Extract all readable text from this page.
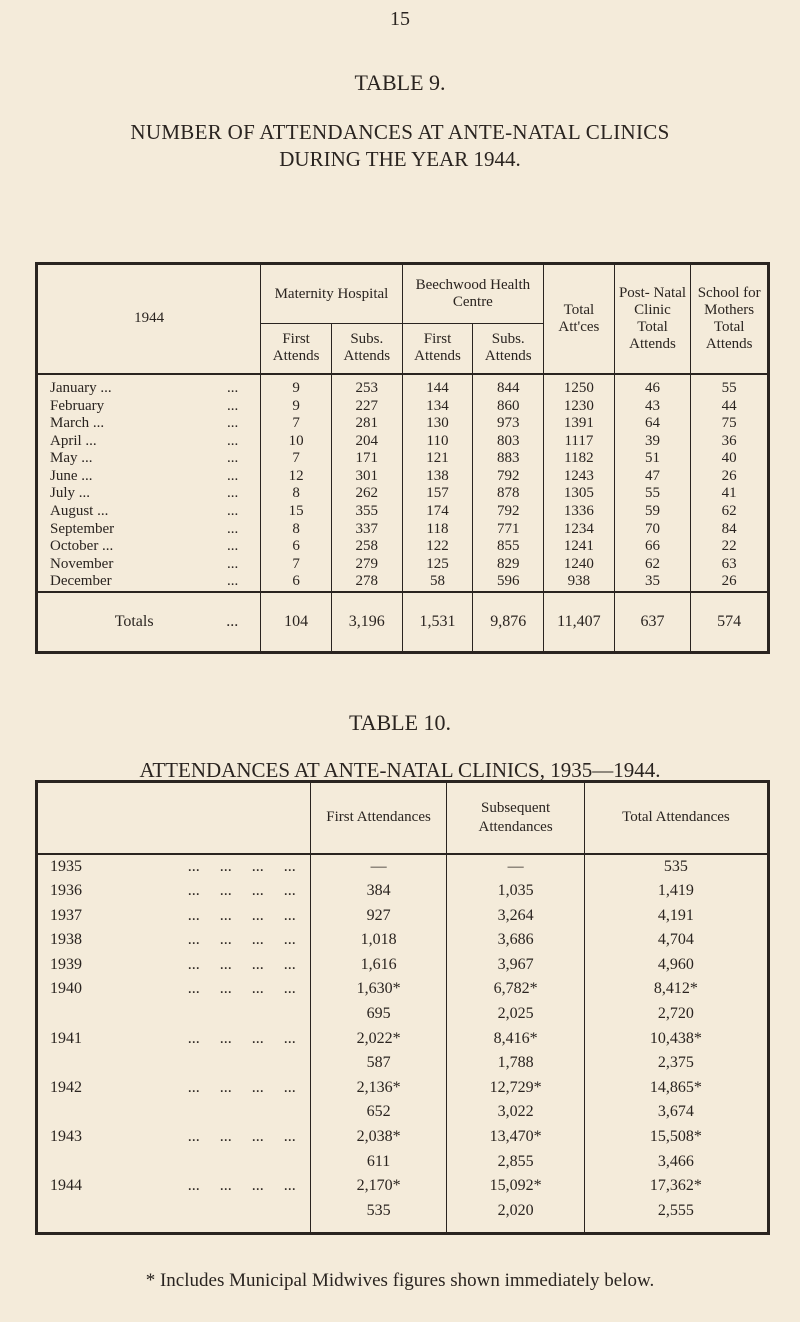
15
TABLE 9.
NUMBER OF ATTENDANCES AT ANTE-NATAL CLINICS
DURING THE YEAR 1944.
1944	Maternity Hospital		Beechwood Health Centre		Total Att'ces	Post- Natal Clinic Total Attends	School for Mothers Total Attends
	First Attends	Subs. Attends	First Attends	Subs. Attends			

...
January ...	9	253	144	844	1250	46	55

...
February	9	227	134	860	1230	43	44

...
March ...	7	281	130	973	1391	64	75

...
April ...	10	204	110	803	1117	39	36

...
May ...	7	171	121	883	1182	51	40

...
June ...	12	301	138	792	1243	47	26

...
July ...	8	262	157	878	1305	55	41

...
August ...	15	355	174	792	1336	59	62

...
September	8	337	118	771	1234	70	84

...
October ...	6	258	122	855	1241	66	22

...
November	7	279	125	829	1240	62	63

...
December	6	278	58	596	938	35	26

...
Totals	104	3,196	1,531	9,876	11,407	637	574
TABLE 10.
ATTENDANCES AT ANTE-NATAL CLINICS, 1935—1944.
	First Attendances	Subsequent Attendances	Total Attendances
1935 ...     ...     ...     ...	—	—	535
1936 ...     ...     ...     ...	384	1,035	1,419
1937 ...     ...     ...     ...	927	3,264	4,191
1938 ...     ...     ...     ...	1,018	3,686	4,704
1939 ...     ...     ...     ...	1,616	3,967	4,960
1940 ...     ...     ...     ...	1,630*	6,782*	8,412*
	695	2,025	2,720
1941 ...     ...     ...     ...	2,022*	8,416*	10,438*
	587	1,788	2,375
1942 ...     ...     ...     ...	2,136*	12,729*	14,865*
	652	3,022	3,674
1943 ...     ...     ...     ...	2,038*	13,470*	15,508*
	611	2,855	3,466
1944 ...     ...     ...     ...	2,170*	15,092*	17,362*
	535	2,020	2,555

* Includes Municipal Midwives figures shown immediately below.
